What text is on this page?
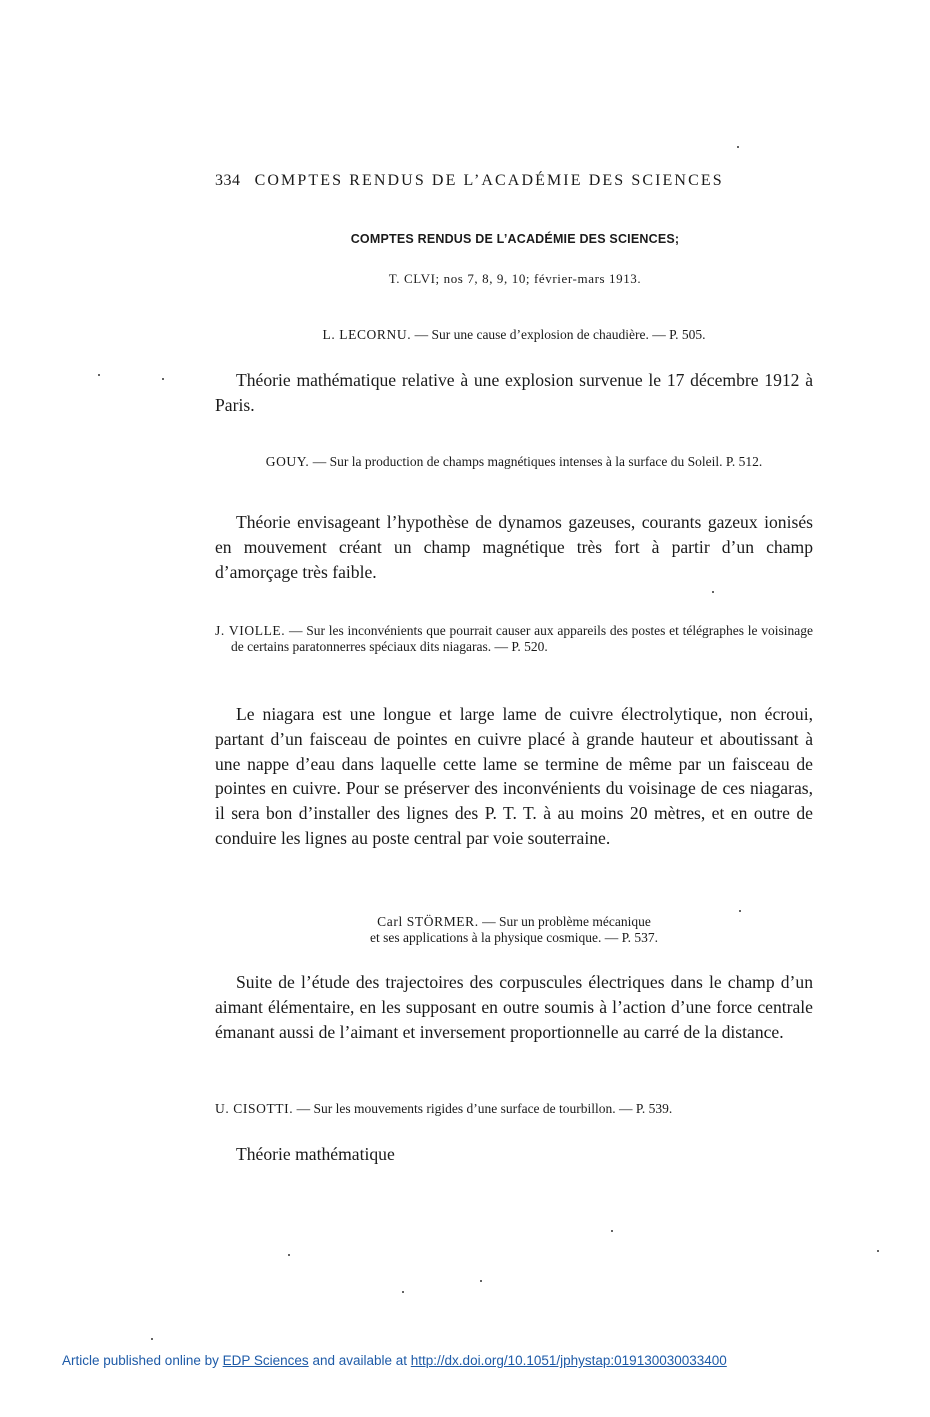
334 COMPTES RENDUS DE L’ACADÉMIE DES SCIENCES
COMPTES RENDUS DE L’ACADÉMIE DES SCIENCES;
T. CLVI; nos 7, 8, 9, 10; février-mars 1913.
L. LECORNU. — Sur une cause d’explosion de chaudière. — P. 505.
Théorie mathématique relative à une explosion survenue le 17 décembre 1912 à Paris.
GOUY. — Sur la production de champs magnétiques intenses à la surface du Soleil. P. 512.
Théorie envisageant l’hypothèse de dynamos gazeuses, courants gazeux ionisés en mouvement créant un champ magnétique très fort à partir d’un champ d’amorçage très faible.
J. VIOLLE. — Sur les inconvénients que pourrait causer aux appareils des postes et télégraphes le voisinage de certains paratonnerres spéciaux dits niagaras. — P. 520.
Le niagara est une longue et large lame de cuivre électrolytique, non écroui, partant d’un faisceau de pointes en cuivre placé à grande hauteur et aboutissant à une nappe d’eau dans laquelle cette lame se termine de même par un faisceau de pointes en cuivre. Pour se préserver des inconvénients du voisinage de ces niagaras, il sera bon d’installer des lignes des P. T. T. à au moins 20 mètres, et en outre de conduire les lignes au poste central par voie souterraine.
Carl STÖRMER. — Sur un problème mécanique
et ses applications à la physique cosmique. — P. 537.
Suite de l’étude des trajectoires des corpuscules électriques dans le champ d’un aimant élémentaire, en les supposant en outre soumis à l’action d’une force centrale émanant aussi de l’aimant et inversement proportionnelle au carré de la distance.
U. CISOTTI. — Sur les mouvements rigides d’une surface de tourbillon. — P. 539.
Théorie mathématique
Article published online by EDP Sciences and available at http://dx.doi.org/10.1051/jphystap:019130030033400
